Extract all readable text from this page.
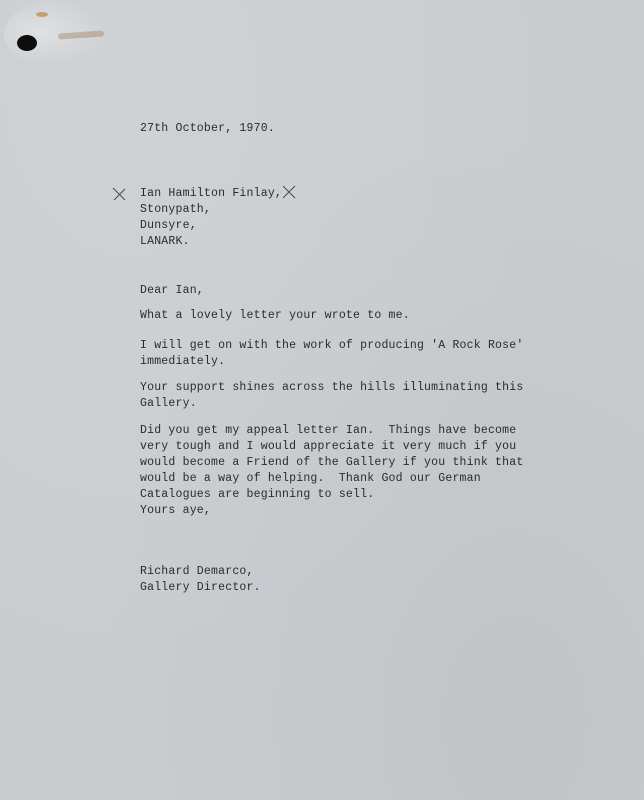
27th October, 1970.
Ian Hamilton Finlay,
Stonypath,
Dunsyre,
LANARK.
Dear Ian,
What a lovely letter your wrote to me.
I will get on with the work of producing 'A Rock Rose'
immediately.
Your support shines across the hills illuminating this
Gallery.
Did you get my appeal letter Ian.  Things have become
very tough and I would appreciate it very much if you
would become a Friend of the Gallery if you think that
would be a way of helping.  Thank God our German
Catalogues are beginning to sell.
Yours aye,
Richard Demarco,
Gallery Director.
